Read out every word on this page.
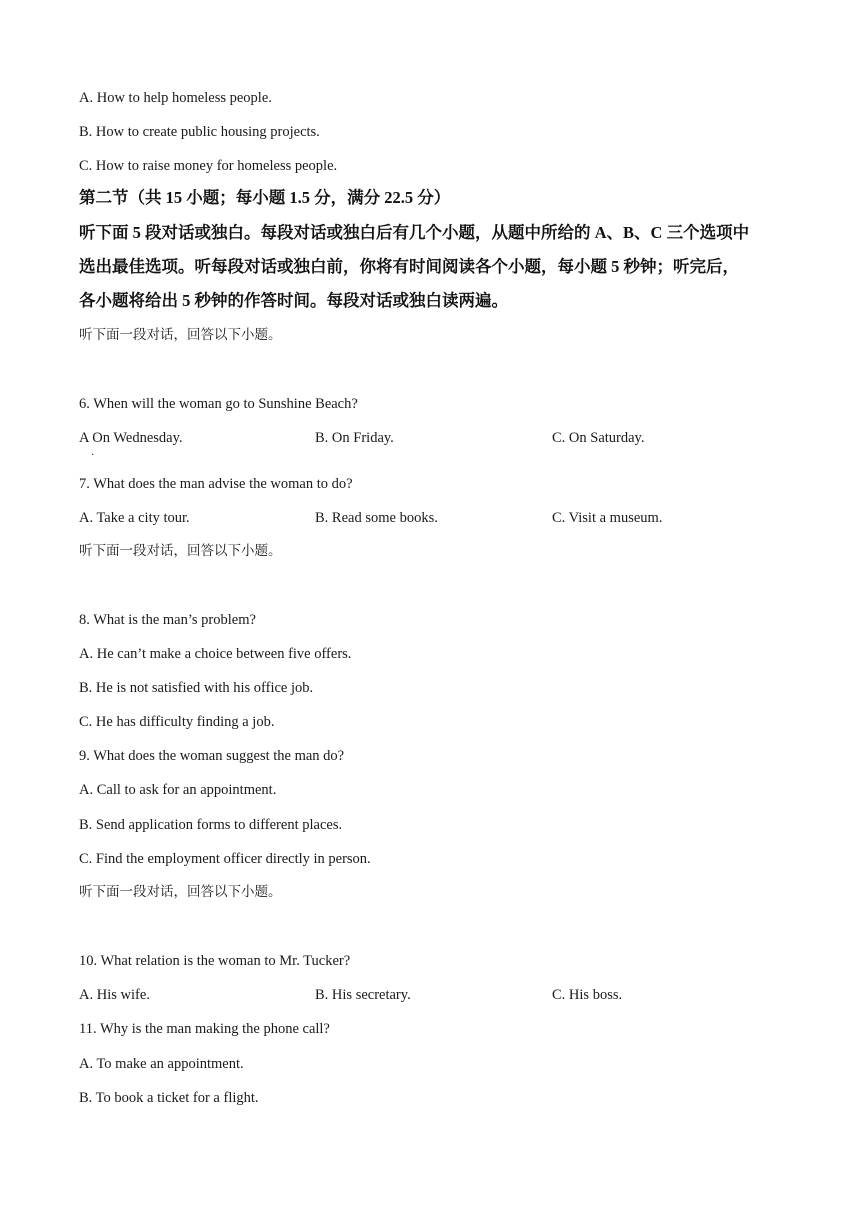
A. How to help homeless people.
B. How to create public housing projects.
C. How to raise money for homeless people.
第二节（共 15 小题；每小题 1.5 分，满分 22.5 分）
听下面 5 段对话或独白。每段对话或独白后有几个小题，从题中所给的 A、B、C 三个选项中
选出最佳选项。听每段对话或独白前，你将有时间阅读各个小题，每小题 5 秒钟；听完后，
各小题将给出 5 秒钟的作答时间。每段对话或独白读两遍。
听下面一段对话，回答以下小题。
6. When will the woman go to Sunshine Beach?
A On Wednesday.	B. On Friday.	C. On Saturday.
·
7. What does the man advise the woman to do?
A. Take a city tour.	B. Read some books.	C. Visit a museum.
听下面一段对话，回答以下小题。
8. What is the man’s problem?
A. He can’t make a choice between five offers.
B. He is not satisfied with his office job.
C. He has difficulty finding a job.
9. What does the woman suggest the man do?
A. Call to ask for an appointment.
B. Send application forms to different places.
C. Find the employment officer directly in person.
听下面一段对话，回答以下小题。
10. What relation is the woman to Mr. Tucker?
A. His wife.	B. His secretary.	C. His boss.
11. Why is the man making the phone call?
A. To make an appointment.
B. To book a ticket for a flight.
